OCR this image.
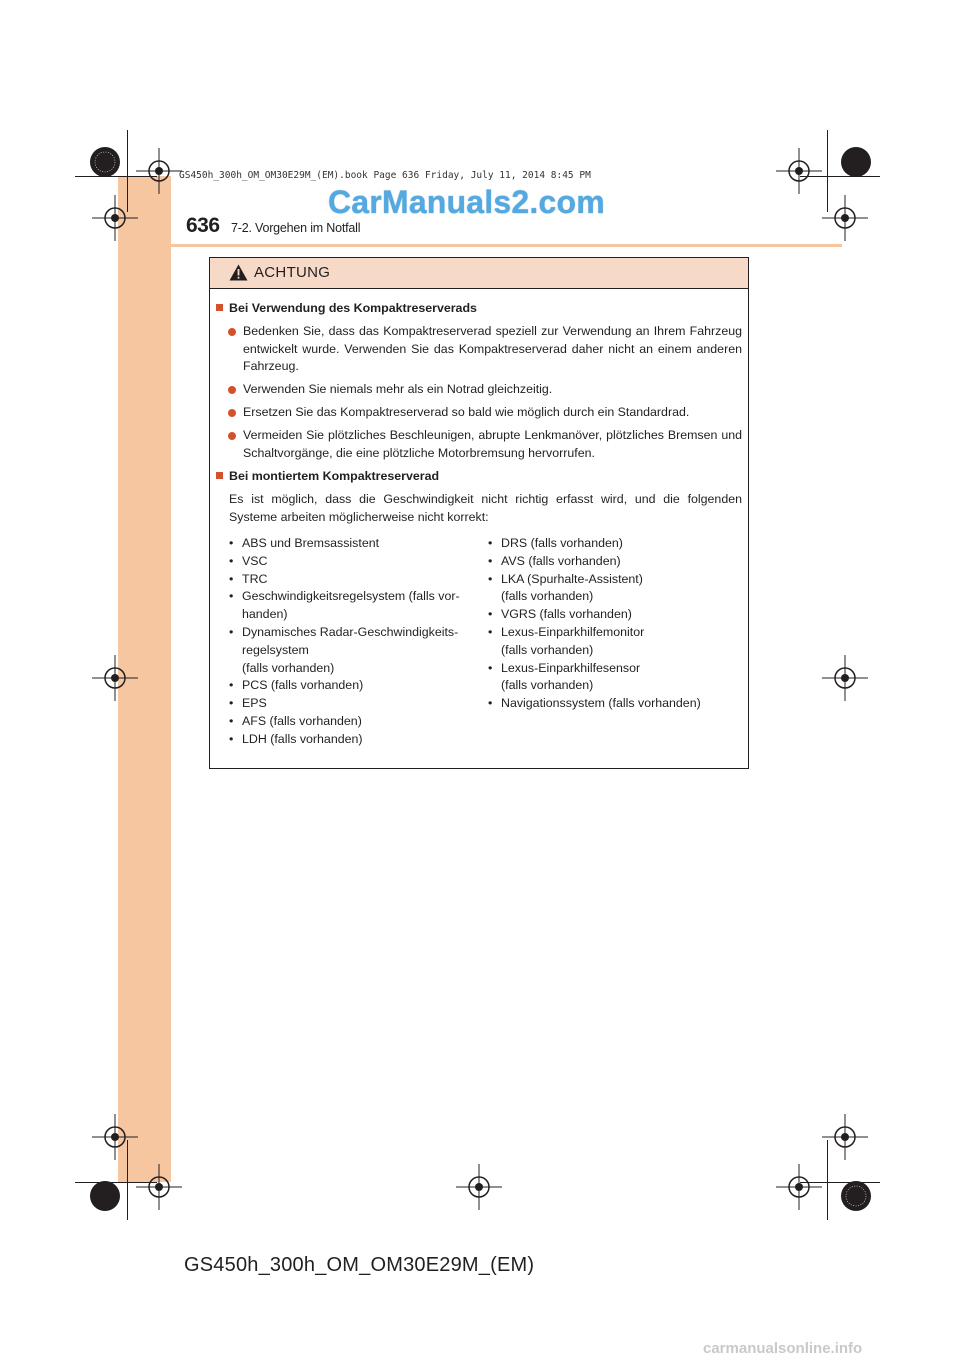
GS450h_300h_OM_OM30E29M_(EM).book Page 636 Friday, July 11, 2014 8:45 PM
CarManuals2.com
636 7-2. Vorgehen im Notfall
ACHTUNG
Bei Verwendung des Kompaktreserverads
Bedenken Sie, dass das Kompaktreserverad speziell zur Verwendung an Ihrem Fahrzeug entwickelt wurde. Verwenden Sie das Kompaktreserverad daher nicht an einem anderen Fahrzeug.
Verwenden Sie niemals mehr als ein Notrad gleichzeitig.
Ersetzen Sie das Kompaktreserverad so bald wie möglich durch ein Standardrad.
Vermeiden Sie plötzliches Beschleunigen, abrupte Lenkmanöver, plötzliches Bremsen und Schaltvorgänge, die eine plötzliche Motorbremsung hervorrufen.
Bei montiertem Kompaktreserverad
Es ist möglich, dass die Geschwindigkeit nicht richtig erfasst wird, und die folgenden Systeme arbeiten möglicherweise nicht korrekt:
• ABS und Bremsassistent
• VSC
• TRC
• Geschwindigkeitsregelsystem (falls vor-
handen)
• Dynamisches Radar-Geschwindigkeits-
regelsystem
(falls vorhanden)
• PCS (falls vorhanden)
• EPS
• AFS (falls vorhanden)
• LDH (falls vorhanden)
• DRS (falls vorhanden)
• AVS (falls vorhanden)
• LKA (Spurhalte-Assistent)
(falls vorhanden)
• VGRS (falls vorhanden)
• Lexus-Einparkhilfemonitor
(falls vorhanden)
• Lexus-Einparkhilfesensor
(falls vorhanden)
• Navigationssystem (falls vorhanden)
GS450h_300h_OM_OM30E29M_(EM)
carmanualsonline.info
